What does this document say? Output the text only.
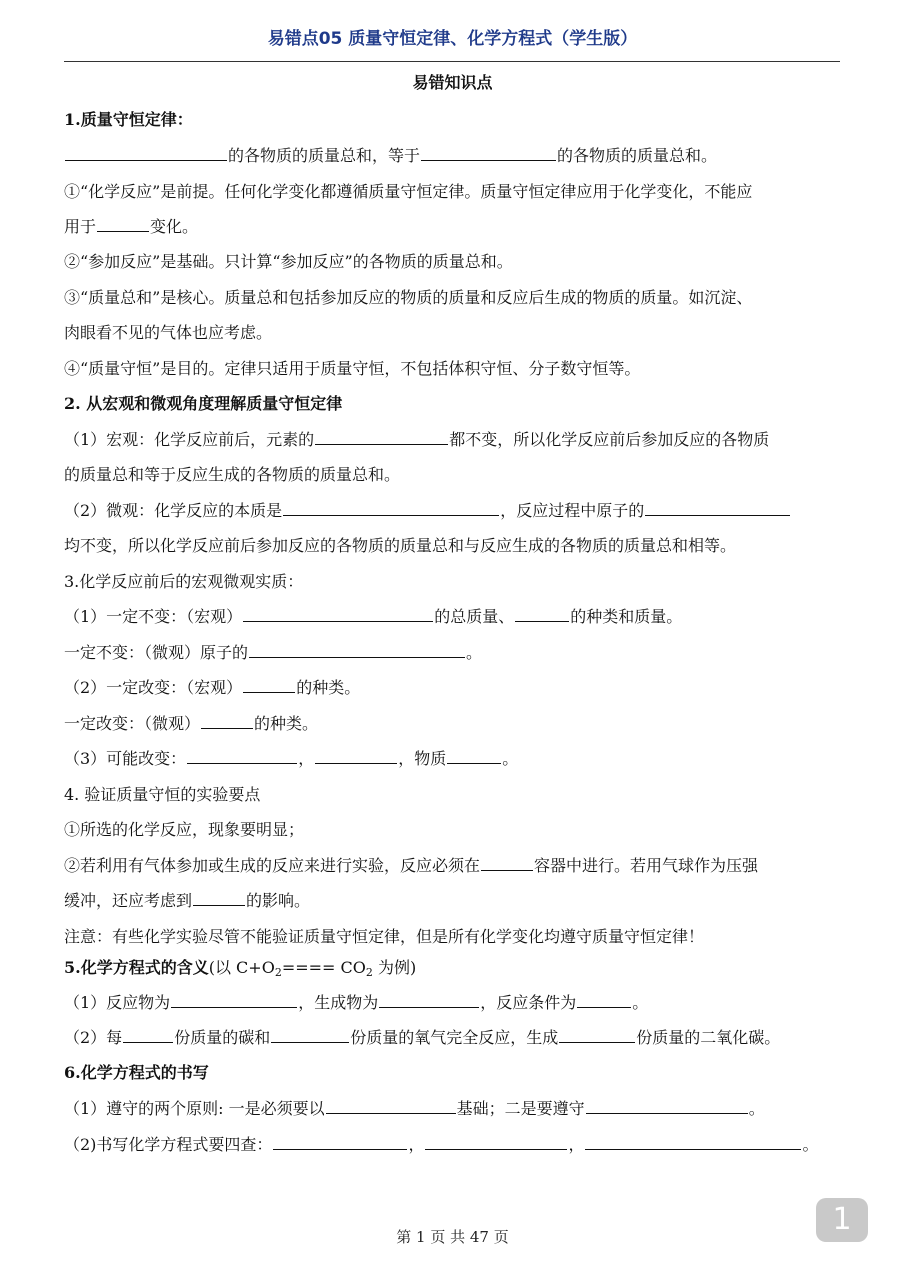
易错点05 质量守恒定律、化学方程式（学生版）
易错知识点
1.质量守恒定律：
的各物质的质量总和，等于	的各物质的质量总和。
①“化学反应”是前提。任何化学变化都遵循质量守恒定律。质量守恒定律应用于化学变化，不能应
用于	变化。
②“参加反应”是基础。只计算“参加反应”的各物质的质量总和。
③“质量总和”是核心。质量总和包括参加反应的物质的质量和反应后生成的物质的质量。如沉淀、
肉眼看不见的气体也应考虑。
④“质量守恒”是目的。定律只适用于质量守恒，不包括体积守恒、分子数守恒等。
2. 从宏观和微观角度理解质量守恒定律
（1）宏观：化学反应前后，元素的	都不变，所以化学反应前后参加反应的各物质
的质量总和等于反应生成的各物质的质量总和。
（2）微观：化学反应的本质是	，反应过程中原子的
均不变，所以化学反应前后参加反应的各物质的质量总和与反应生成的各物质的质量总和相等。
3.化学反应前后的宏观微观实质：
（1）一定不变：（宏观）	的总质量、	的种类和质量。
一定不变：（微观）原子的	。
（2）一定改变：（宏观）	的种类。
一定改变：（微观）	的种类。
（3）可能改变：	，	，物质	。
4. 验证质量守恒的实验要点
①所选的化学反应，现象要明显；
②若利用有气体参加或生成的反应来进行实验，反应必须在	容器中进行。若用气球作为压强
缓冲，还应考虑到	的影响。
注意：有些化学实验尽管不能验证质量守恒定律，但是所有化学变化均遵守质量守恒定律！
5.化学方程式的含义(以 $C+O_2==== CO_2$ 为例)
（1）反应物为	，生成物为	，反应条件为	。
（2）每	份质量的碳和	份质量的氧气完全反应，生成	份质量的二氧化碳。
6.化学方程式的书写
（1）遵守的两个原则: 一是必须要以	基础；二是要遵守	。
（2)书写化学方程式要四查：	，	，	。
第 1 页 共 47 页	1
